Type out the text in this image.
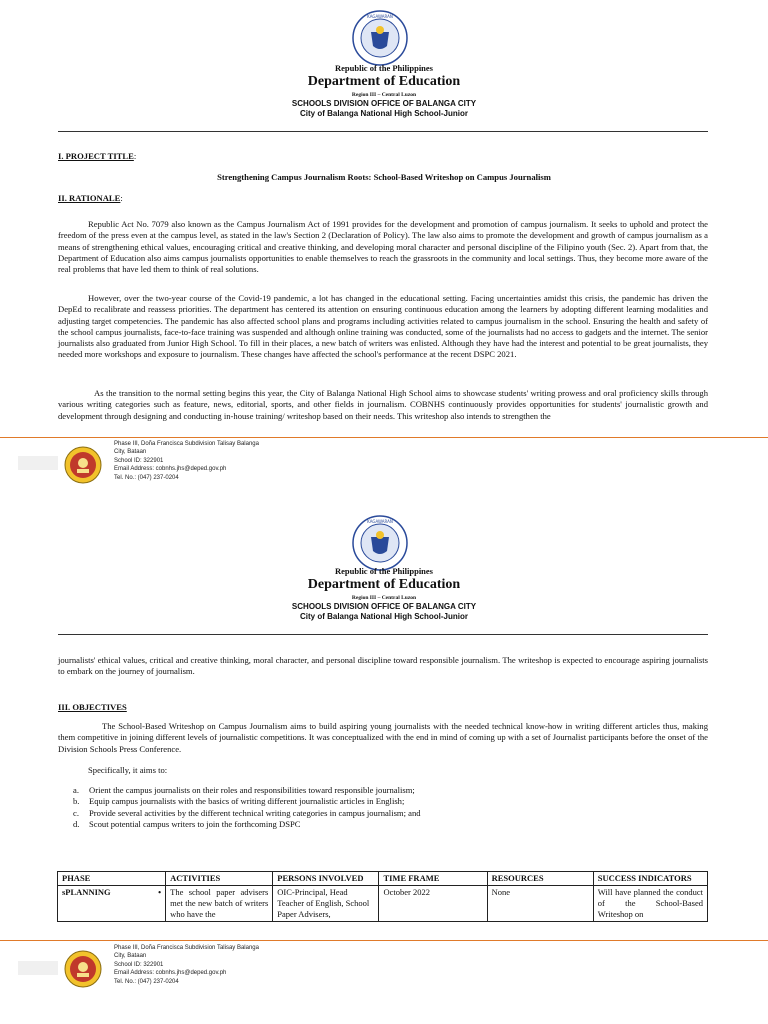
KAGAWARAN
Republic of the Philippines
Department of Education
Region III – Central Luzon
SCHOOLS DIVISION OFFICE OF BALANGA CITY
City of Balanga National High School-Junior
I. PROJECT TITLE:
Strengthening Campus Journalism Roots: School-Based Writeshop on Campus Journalism
II. RATIONALE:
Republic Act No. 7079 also known as the Campus Journalism Act of 1991 provides for the development and promotion of campus journalism. It seeks to uphold and protect the freedom of the press even at the campus level, as stated in the law's Section 2 (Declaration of Policy). The law also aims to promote the development and growth of campus journalism as a means of strengthening ethical values, encouraging critical and creative thinking, and developing moral character and personal discipline of the Filipino youth (Sec. 2). Apart from that, the Department of Education also aims campus journalists opportunities to enable themselves to reach the grassroots in the community and local settings. Thus, they become more aware of the real problems that have led them to think of real solutions.
However, over the two-year course of the Covid-19 pandemic, a lot has changed in the educational setting. Facing uncertainties amidst this crisis, the pandemic has driven the DepEd to recalibrate and reassess priorities. The department has centered its attention on ensuring continuous education among the learners by adopting different learning modalities and adjusting target competencies. The pandemic has also affected school plans and programs including activities related to campus journalism in the school. Ensuring the health and safety of the school campus journalists, face-to-face training was suspended and although online training was conducted, some of the journalists had no access to gadgets and the internet. The senior journalists also graduated from Junior High School. To fill in their places, a new batch of writers was enlisted. Although they have had the interest and potential to be great journalists, they needed more workshops and exposure to journalism. These changes have affected the school's performance at the recent DSPC 2021.
As the transition to the normal setting begins this year, the City of Balanga National High School aims to showcase students' writing prowess and oral proficiency skills through various writing categories such as feature, news, editorial, sports, and other fields in journalism. COBNHS continuously provides opportunities for students' journalistic growth and development through designing and conducting in-house training/ writeshop based on their needs. This writeshop also intends to strengthen the
Phase III, Doña Francisca Subdivision Talisay Balanga
City, Bataan
School ID: 322901
Email Address: cobnhs.jhs@deped.gov.ph
Tel. No.: (047) 237-0204
KAGAWARAN
Republic of the Philippines
Department of Education
Region III – Central Luzon
SCHOOLS DIVISION OFFICE OF BALANGA CITY
City of Balanga National High School-Junior
journalists' ethical values, critical and creative thinking, moral character, and personal discipline toward responsible journalism. The writeshop is expected to encourage aspiring journalists to embark on the journey of journalism.
III. OBJECTIVES
The School-Based Writeshop on Campus Journalism aims to build aspiring young journalists with the needed technical know-how in writing different articles thus, making them competitive in joining different levels of journalistic competitions. It was conceptualized with the end in mind of coming up with a set of Journalist participants before the onset of the Division Schools Press Conference.
Specifically, it aims to:
a. Orient the campus journalists on their roles and responsibilities toward responsible journalism;
b. Equip campus journalists with the basics of writing different journalistic articles in English;
c. Provide several activities by the different technical writing categories in campus journalism; and
d. Scout potential campus writers to join the forthcoming DSPC
PHASE	ACTIVITIES	PERSONS INVOLVED	TIME FRAME	RESOURCES	SUCCESS INDICATORS
sPLANNING •	The school paper advisers met the new batch of writers who have the	OIC-Principal, Head Teacher of English, School Paper Advisers,	October 2022	None	Will have planned the conduct of the School-Based Writeshop on
Phase III, Doña Francisca Subdivision Talisay Balanga
City, Bataan
School ID: 322901
Email Address: cobnhs.jhs@deped.gov.ph
Tel. No.: (047) 237-0204
